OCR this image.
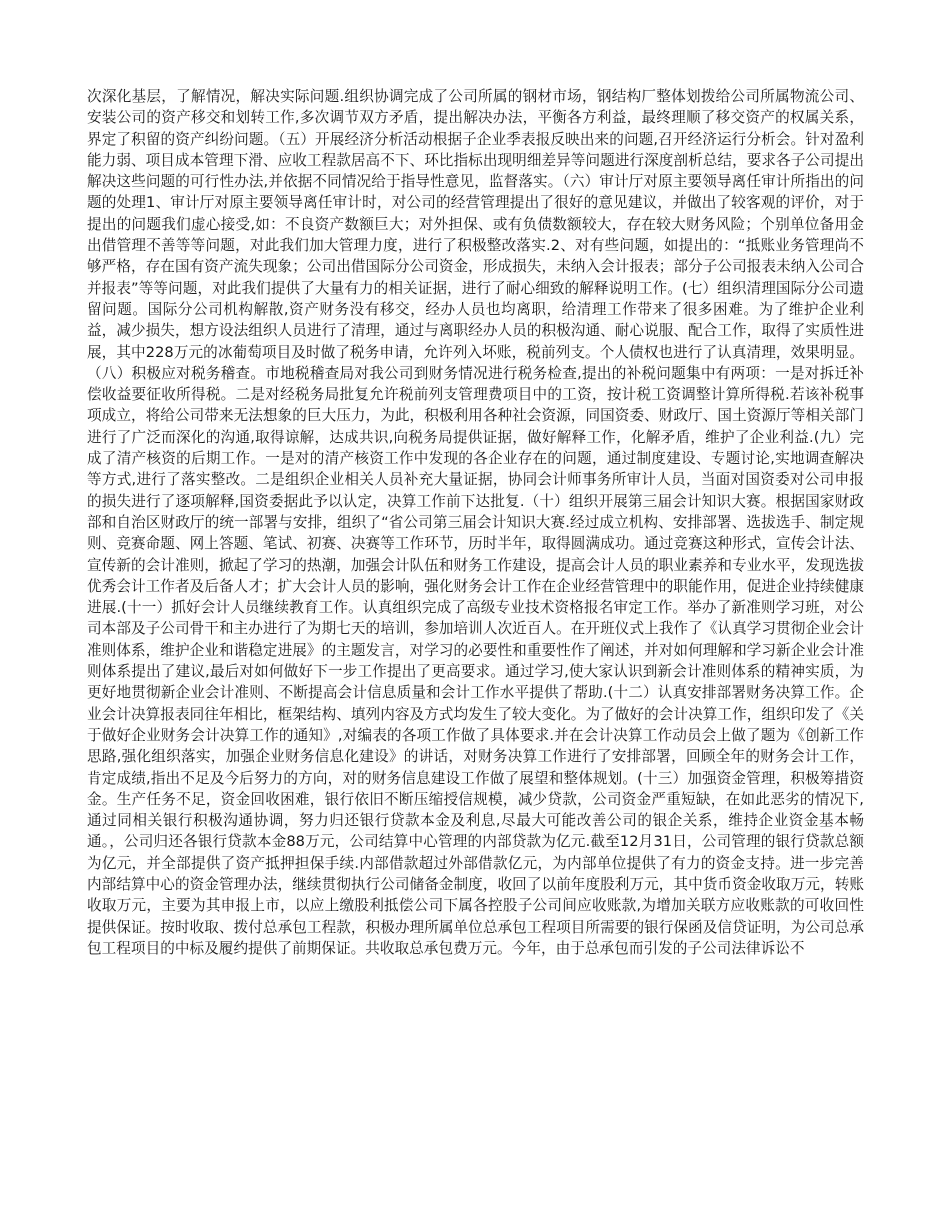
次深化基层，了解情况，解决实际问题.组织协调完成了公司所属的钢材市场，钢结构厂整体划拨给公司所属物流公司、安装公司的资产移交和划转工作,多次调节双方矛盾，提出解决办法，平衡各方利益，最终理顺了移交资产的权属关系，界定了积留的资产纠纷问题。（五）开展经济分析活动根据子企业季表报反映出来的问题,召开经济运行分析会。针对盈利能力弱、项目成本管理下滑、应收工程款居高不下、环比指标出现明细差异等问题进行深度剖析总结，要求各子公司提出解决这些问题的可行性办法,并依据不同情况给于指导性意见，监督落实。（六）审计厅对原主要领导离任审计所指出的问题的处理1、审计厅对原主要领导离任审计时，对公司的经营管理提出了很好的意见建议，并做出了较客观的评价，对于提出的问题我们虚心接受,如：不良资产数额巨大；对外担保、或有负债数额较大，存在较大财务风险；个别单位备用金出借管理不善等等问题，对此我们加大管理力度，进行了积极整改落实.2、对有些问题，如提出的：“抵账业务管理尚不够严格，存在国有资产流失现象；公司出借国际分公司资金，形成损失，未纳入会计报表；部分子公司报表未纳入公司合并报表”等等问题，对此我们提供了大量有力的相关证据，进行了耐心细致的解释说明工作。(七）组织清理国际分公司遗留问题。国际分公司机构解散,资产财务没有移交，经办人员也均离职，给清理工作带来了很多困难。为了维护企业利益，减少损失，想方设法组织人员进行了清理，通过与离职经办人员的积极沟通、耐心说服、配合工作，取得了实质性进展，其中228万元的冰葡萄项目及时做了税务申请，允许列入坏账，税前列支。个人债权也进行了认真清理，效果明显。（八）积极应对税务稽查。市地税稽查局对我公司到财务情况进行税务检查,提出的补税问题集中有两项：一是对拆迁补偿收益要征收所得税。二是对经税务局批复允许税前列支管理费项目中的工资，按计税工资调整计算所得税.若该补税事项成立，将给公司带来无法想象的巨大压力，为此，积极利用各种社会资源，同国资委、财政厅、国土资源厅等相关部门进行了广泛而深化的沟通,取得谅解，达成共识,向税务局提供证据，做好解释工作，化解矛盾，维护了企业利益.(九）完成了清产核资的后期工作。一是对的清产核资工作中发现的各企业存在的问题，通过制度建设、专题讨论,实地调查解决等方式,进行了落实整改。二是组织企业相关人员补充大量证据，协同会计师事务所审计人员，当面对国资委对公司申报的损失进行了逐项解释,国资委据此予以认定，决算工作前下达批复.（十）组织开展第三届会计知识大赛。根据国家财政部和自治区财政厅的统一部署与安排，组织了“省公司第三届会计知识大赛.经过成立机构、安排部署、选拔选手、制定规则、竞赛命题、网上答题、笔试、初赛、决赛等工作环节，历时半年，取得圆满成功。通过竞赛这种形式，宣传会计法、宣传新的会计准则，掀起了学习的热潮，加强会计队伍和财务工作建设，提高会计人员的职业素养和专业水平，发现选拔优秀会计工作者及后备人才；扩大会计人员的影响，强化财务会计工作在企业经营管理中的职能作用，促进企业持续健康进展.(十一）抓好会计人员继续教育工作。认真组织完成了高级专业技术资格报名审定工作。举办了新准则学习班，对公司本部及子公司骨干和主办进行了为期七天的培训，参加培训人次近百人。在开班仪式上我作了《认真学习贯彻企业会计准则体系，维护企业和谐稳定进展》的主题发言，对学习的必要性和重要性作了阐述，并对如何理解和学习新企业会计准则体系提出了建议,最后对如何做好下一步工作提出了更高要求。通过学习,使大家认识到新会计准则体系的精神实质，为更好地贯彻新企业会计准则、不断提高会计信息质量和会计工作水平提供了帮助.(十二）认真安排部署财务决算工作。企业会计决算报表同往年相比，框架结构、填列内容及方式均发生了较大变化。为了做好的会计决算工作，组织印发了《关于做好企业财务会计决算工作的通知》,对编表的各项工作做了具体要求.并在会计决算工作动员会上做了题为《创新工作思路,强化组织落实，加强企业财务信息化建设》的讲话，对财务决算工作进行了安排部署，回顾全年的财务会计工作，肯定成绩,指出不足及今后努力的方向，对的财务信息建设工作做了展望和整体规划。(十三）加强资金管理，积极筹措资金。生产任务不足，资金回收困难，银行依旧不断压缩授信规模，减少贷款，公司资金严重短缺，在如此恶劣的情况下,通过同相关银行积极沟通协调，努力归还银行贷款本金及利息,尽最大可能改善公司的银企关系，维持企业资金基本畅通。，公司归还各银行贷款本金88万元，公司结算中心管理的内部贷款为亿元.截至12月31日，公司管理的银行贷款总额为亿元，并全部提供了资产抵押担保手续.内部借款超过外部借款亿元，为内部单位提供了有力的资金支持。进一步完善内部结算中心的资金管理办法，继续贯彻执行公司储备金制度，收回了以前年度股利万元，其中货币资金收取万元，转账收取万元，主要为其申报上市，以应上缴股利抵偿公司下属各控股子公司间应收账款,为增加关联方应收账款的可收回性提供保证。按时收取、拨付总承包工程款，积极办理所属单位总承包工程项目所需要的银行保函及信贷证明，为公司总承包工程项目的中标及履约提供了前期保证。共收取总承包费万元。今年，由于总承包而引发的子公司法律诉讼不
